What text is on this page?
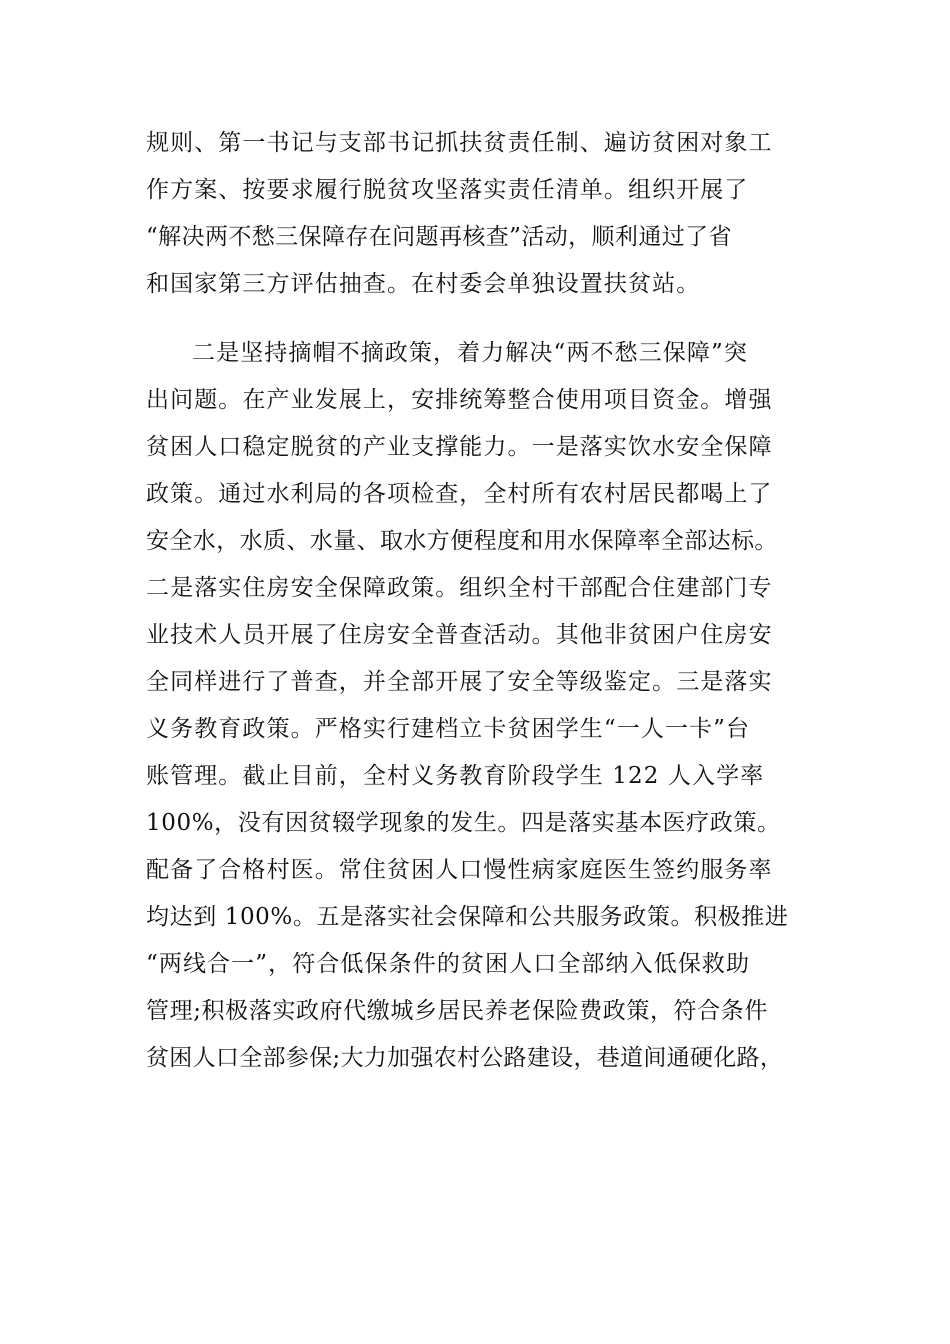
规则、第一书记与支部书记抓扶贫责任制、遍访贫困对象工
作方案、按要求履行脱贫攻坚落实责任清单。组织开展了
“解决两不愁三保障存在问题再核查”活动，顺利通过了省
和国家第三方评估抽查。在村委会单独设置扶贫站。
二是坚持摘帽不摘政策，着力解决“两不愁三保障”突
出问题。在产业发展上，安排统筹整合使用项目资金。增强
贫困人口稳定脱贫的产业支撑能力。一是落实饮水安全保障
政策。通过水利局的各项检查，全村所有农村居民都喝上了
安全水，水质、水量、取水方便程度和用水保障率全部达标。
二是落实住房安全保障政策。组织全村干部配合住建部门专
业技术人员开展了住房安全普查活动。其他非贫困户住房安
全同样进行了普查，并全部开展了安全等级鉴定。三是落实
义务教育政策。严格实行建档立卡贫困学生“一人一卡”台
账管理。截止目前，全村义务教育阶段学生 122 人入学率
100%，没有因贫辍学现象的发生。四是落实基本医疗政策。
配备了合格村医。常住贫困人口慢性病家庭医生签约服务率
均达到 100%。五是落实社会保障和公共服务政策。积极推进
“两线合一”，符合低保条件的贫困人口全部纳入低保救助
管理;积极落实政府代缴城乡居民养老保险费政策，符合条件
贫困人口全部参保;大力加强农村公路建设，巷道间通硬化路，
